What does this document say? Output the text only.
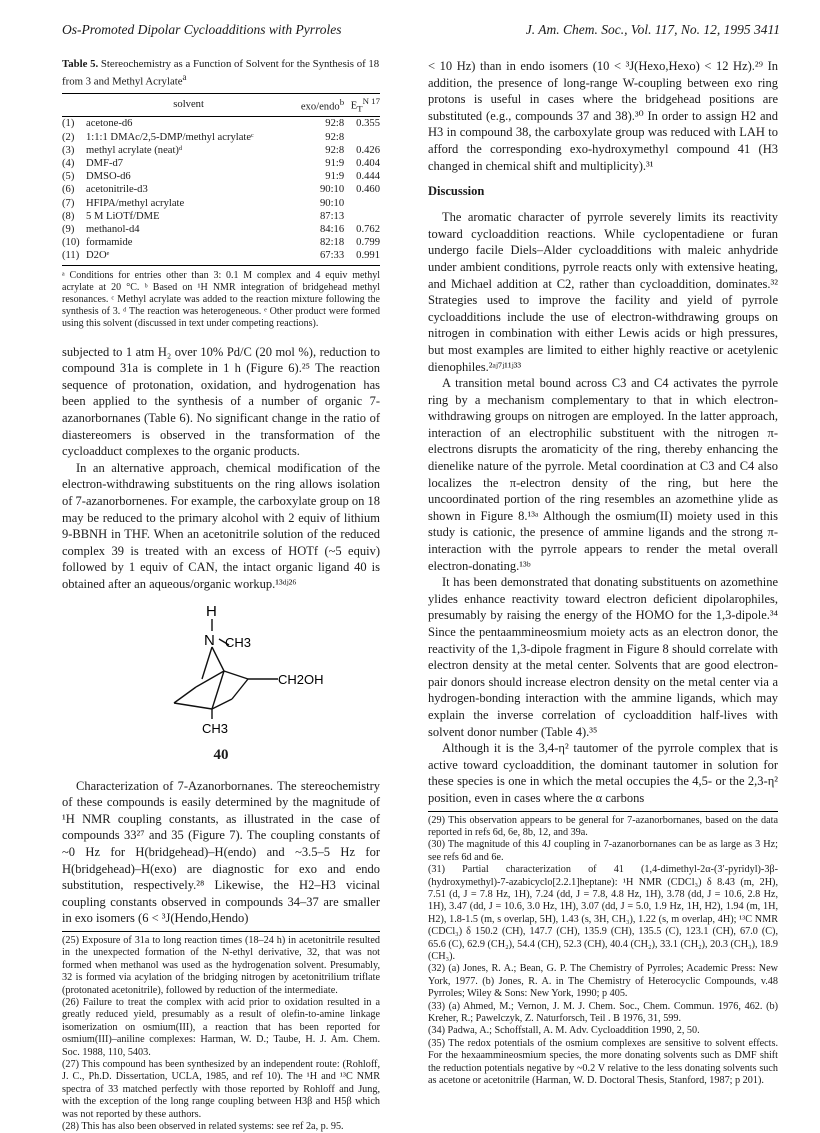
Os-Promoted Dipolar Cycloadditions with Pyrroles	J. Am. Chem. Soc., Vol. 117, No. 12, 1995 3411
Table 5. Stereochemistry as a Function of Solvent for the Synthesis of 18 from 3 and Methyl Acrylate$^a$
	solvent	exo/endo$^b$	$E_T^{N 17}$
(1)	acetone-d6	92:8	0.355
(2)	1:1:1 DMAc/2,5-DMP/methyl acrylateᶜ	92:8	
(3)	methyl acrylate (neat)ᵈ	92:8	0.426
(4)	DMF-d7	91:9	0.404
(5)	DMSO-d6	91:9	0.444
(6)	acetonitrile-d3	90:10	0.460
(7)	HFIPA/methyl acrylate	90:10	
(8)	5 M LiOTf/DME	87:13	
(9)	methanol-d4	84:16	0.762
(10)	formamide	82:18	0.799
(11)	D2Oᵉ	67:33	0.991
ᵃ Conditions for entries other than 3: 0.1 M complex and 4 equiv methyl acrylate at 20 °C. ᵇ Based on ¹H NMR integration of bridgehead methyl resonances. ᶜ Methyl acrylate was added to the reaction mixture following the synthesis of 3. ᵈ The reaction was heterogeneous. ᵉ Other product were formed using this solvent (discussed in text under competing reactions).

subjected to 1 atm H₂ over 10% Pd/C (20 mol %), reduction to compound 31a is complete in 1 h (Figure 6).²⁵ The reaction sequence of protonation, oxidation, and hydrogenation has been applied to the synthesis of a number of organic 7-azanorbornanes (Table 6). No significant change in the ratio of diastereomers is observed in the transformation of the cycloadduct complexes to the organic products.

In an alternative approach, chemical modification of the electron-withdrawing substituents on the ring allows isolation of 7-azanorbornenes. For example, the carboxylate group on 18 may be reduced to the primary alcohol with 2 equiv of lithium 9-BBNH in THF. When an acetonitrile solution of the reduced complex 39 is treated with an excess of HOTf (~5 equiv) followed by 1 equiv of CAN, the intact organic ligand 40 is obtained after an aqueous/organic workup.¹³ᵈʲ²⁶

H
N CH3
CH2OH
CH3
40

Characterization of 7-Azanorbornanes. The stereochemistry of these compounds is easily determined by the magnitude of ¹H NMR coupling constants, as illustrated in the case of compounds 33²⁷ and 35 (Figure 7). The coupling constants of ~0 Hz for H(bridgehead)–H(endo) and ~3.5–5 Hz for H(bridgehead)–H(exo) are diagnostic for exo and endo substitution, respectively.²⁸ Likewise, the H2–H3 vicinal coupling constants observed in compounds 34–37 are smaller in exo isomers (6 < ³J(Hendo,Hendo)

(25) Exposure of 31a to long reaction times (18–24 h) in acetonitrile resulted in the unexpected formation of the N-ethyl derivative, 32, that was not formed when methanol was used as the hydrogenation solvent. Presumably, 32 is formed via acylation of the bridging nitrogen by acetonitrilium triflate (protonated acetonitrile), followed by reduction of the intermediate.

(26) Failure to treat the complex with acid prior to oxidation resulted in a greatly reduced yield, presumably as a result of olefin-to-amine linkage isomerization on osmium(III), a reaction that has been reported for osmium(III)–aniline complexes: Harman, W. D.; Taube, H. J. Am. Chem. Soc. 1988, 110, 5403.

(27) This compound has been synthesized by an independent route: (Rohloff, J. C., Ph.D. Dissertation, UCLA, 1985, and ref 10). The ¹H and ¹³C NMR spectra of 33 matched perfectly with those reported by Rohloff and Jung, with the exception of the long range coupling between H3β and H5β which was not reported by these authors.

(28) This has also been observed in related systems: see ref 2a, p. 95.

< 10 Hz) than in endo isomers (10 < ³J(Hexo,Hexo) < 12 Hz).²⁹ In addition, the presence of long-range W-coupling between exo ring protons is useful in cases where the bridgehead positions are substituted (e.g., compounds 37 and 38).³⁰ In order to assign H2 and H3 in compound 38, the carboxylate group was reduced with LAH to afford the corresponding exo-hydroxymethyl compound 41 (H3 changed in chemical shift and multiplicity).³¹

Discussion

The aromatic character of pyrrole severely limits its reactivity toward cycloaddition reactions. While cyclopentadiene or furan undergo facile Diels–Alder cycloadditions with maleic anhydride under ambient conditions, pyrrole reacts only with extensive heating, and Michael addition at C2, rather than cycloaddition, dominates.³² Strategies used to improve the facility and yield of pyrrole cycloadditions include the use of electron-withdrawing groups on nitrogen in combination with either Lewis acids or high pressures, but most examples are limited to either highly reactive or acetylenic dienophiles.²ᵃʲ⁷ʲ¹¹ʲ³³

A transition metal bound across C3 and C4 activates the pyrrole ring by a mechanism complementary to that in which electron-withdrawing groups on nitrogen are employed. In the latter approach, interaction of an electrophilic substituent with the nitrogen π-electrons disrupts the aromaticity of the ring, thereby enhancing the dienelike nature of the pyrrole. Metal coordination at C3 and C4 also localizes the π-electron density of the ring, but here the uncoordinated portion of the ring resembles an azomethine ylide as shown in Figure 8.¹³ᵃ Although the osmium(II) moiety used in this study is cationic, the presence of ammine ligands and the strong π-interaction with the pyrrole appears to render the metal overall electron-donating.¹³ᵇ

It has been demonstrated that donating substituents on azomethine ylides enhance reactivity toward electron deficient dipolarophiles, presumably by raising the energy of the HOMO for the 1,3-dipole.³⁴ Since the pentaammineosmium moiety acts as an electron donor, the reactivity of the 1,3-dipole fragment in Figure 8 should correlate with electron density at the metal center. Solvents that are good electron-pair donors should increase electron density on the metal center via a hydrogen-bonding interaction with the ammine ligands, which may explain the inverse correlation of cycloaddition half-lives with solvent donor number (Table 4).³⁵

Although it is the 3,4-η² tautomer of the pyrrole complex that is active toward cycloaddition, the dominant tautomer in solution for these species is one in which the metal occupies the 4,5- or the 2,3-η² position, even in cases where the α carbons

(29) This observation appears to be general for 7-azanorbornanes, based on the data reported in refs 6d, 6e, 8b, 12, and 39a.

(30) The magnitude of this 4J coupling in 7-azanorbornanes can be as large as 3 Hz; see refs 6d and 6e.

(31) Partial characterization of 41 (1,4-dimethyl-2α-(3′-pyridyl)-3β-(hydroxymethyl)-7-azabicyclo[2.2.1]heptane): ¹H NMR (CDCl₃) δ 8.43 (m, 2H), 7.51 (d, J = 7.8 Hz, 1H), 7.24 (dd, J = 7.8, 4.8 Hz, 1H), 3.78 (dd, J = 10.6, 2.8 Hz, 1H), 3.47 (dd, J = 10.6, 3.0 Hz, 1H), 3.07 (dd, J = 5.0, 1.9 Hz, 1H, H2), 1.94 (m, 1H, H2), 1.8-1.5 (m, s overlap, 5H), 1.43 (s, 3H, CH₃), 1.22 (s, m overlap, 4H); ¹³C NMR (CDCl₃) δ 150.2 (CH), 147.7 (CH), 135.9 (CH), 135.5 (C), 123.1 (CH), 67.0 (C), 65.6 (C), 62.9 (CH₂), 54.4 (CH), 52.3 (CH), 40.4 (CH₂), 33.1 (CH₂), 20.3 (CH₃), 18.9 (CH₃).

(32) (a) Jones, R. A.; Bean, G. P. The Chemistry of Pyrroles; Academic Press: New York, 1977. (b) Jones, R. A. in The Chemistry of Heterocyclic Compounds, v.48 Pyrroles; Wiley & Sons: New York, 1990; p 405.

(33) (a) Ahmed, M.; Vernon, J. M. J. Chem. Soc., Chem. Commun. 1976, 462. (b) Kreher, R.; Pawelczyk, Z. Naturforsch, Teil . B 1976, 31, 599.

(34) Padwa, A.; Schoffstall, A. M. Adv. Cycloaddition 1990, 2, 50.

(35) The redox potentials of the osmium complexes are sensitive to solvent effects. For the hexaammineosmium species, the more donating solvents such as DMF shift the reduction potentials negative by ~0.2 V relative to the less donating solvents such as acetone or acetonitrile (Harman, W. D. Doctoral Thesis, Stanford, 1987; p 201).
